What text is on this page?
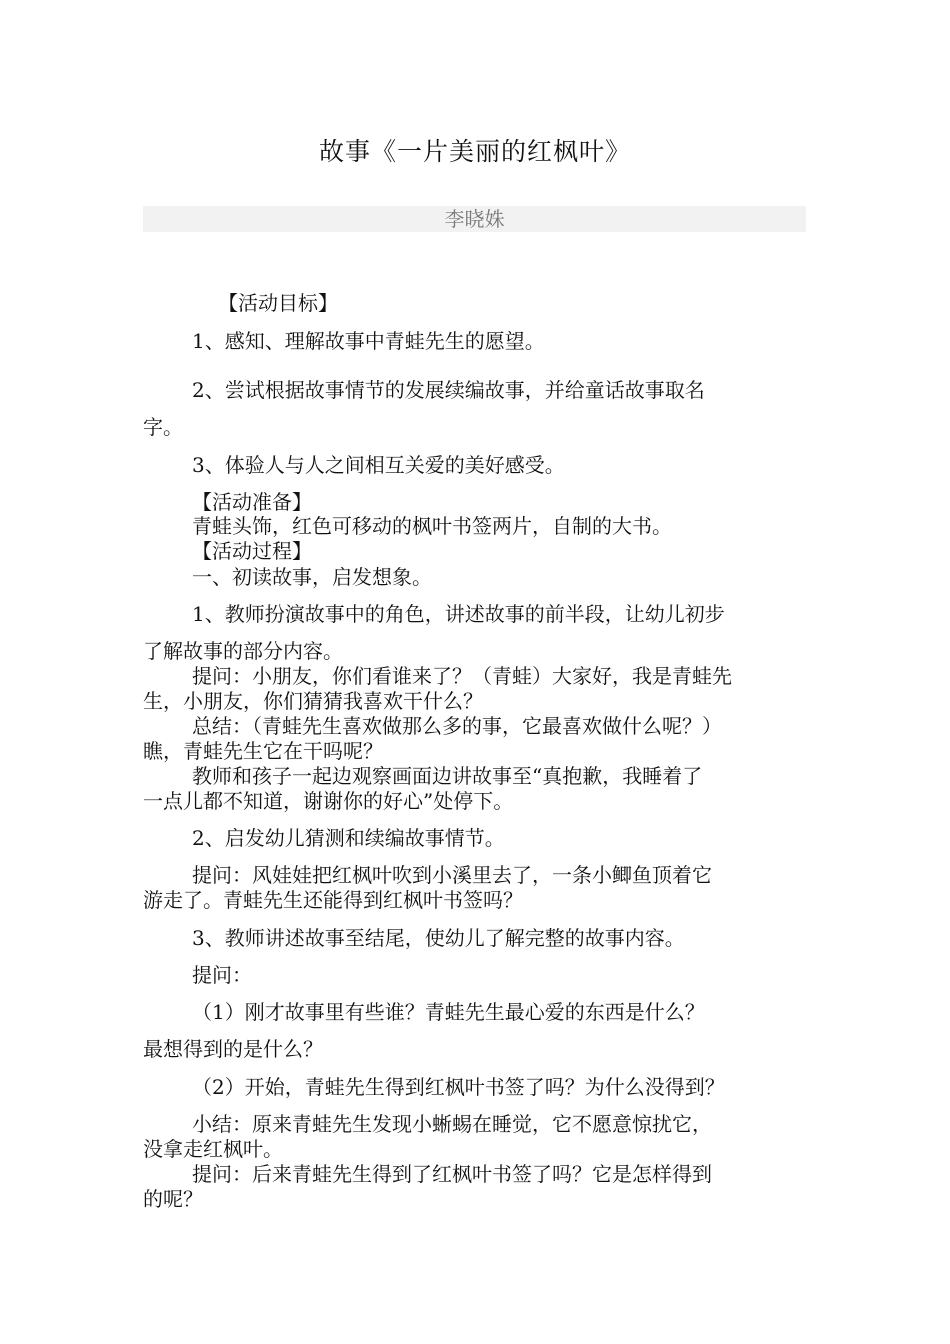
故事《一片美丽的红枫叶》
李晓姝

【活动目标】

1、感知、理解故事中青蛙先生的愿望。

2、尝试根据故事情节的发展续编故事，并给童话故事取名

字。

3、体验人与人之间相互关爱的美好感受。

【活动准备】

青蛙头饰，红色可移动的枫叶书签两片，自制的大书。

【活动过程】

一、初读故事，启发想象。

1、教师扮演故事中的角色，讲述故事的前半段，让幼儿初步

了解故事的部分内容。

提问：小朋友，你们看谁来了？（青蛙）大家好，我是青蛙先

生，小朋友，你们猜猜我喜欢干什么？

总结：（青蛙先生喜欢做那么多的事，它最喜欢做什么呢？）

瞧，青蛙先生它在干吗呢？

教师和孩子一起边观察画面边讲故事至“真抱歉，我睡着了

一点儿都不知道，谢谢你的好心”处停下。

2、启发幼儿猜测和续编故事情节。

提问：风娃娃把红枫叶吹到小溪里去了，一条小鲫鱼顶着它

游走了。青蛙先生还能得到红枫叶书签吗？

3、教师讲述故事至结尾，使幼儿了解完整的故事内容。

提问：

（1）刚才故事里有些谁？青蛙先生最心爱的东西是什么？

最想得到的是什么？

（2）开始，青蛙先生得到红枫叶书签了吗？为什么没得到？

小结：原来青蛙先生发现小蜥蜴在睡觉，它不愿意惊扰它，

没拿走红枫叶。

提问：后来青蛙先生得到了红枫叶书签了吗？它是怎样得到

的呢？
